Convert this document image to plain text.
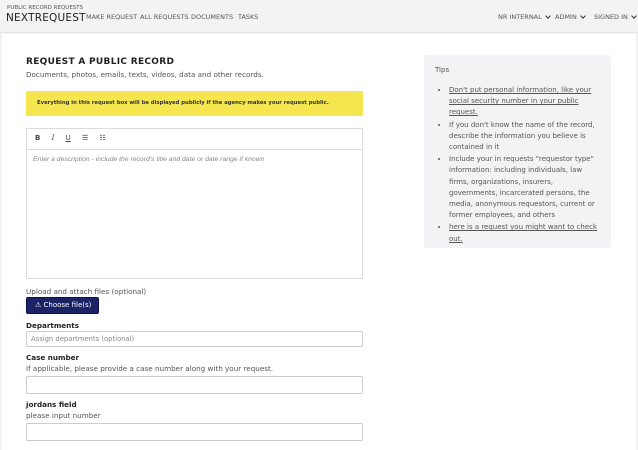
PUBLIC RECORD REQUESTS
NEXTREQUEST MAKE REQUEST ALL REQUESTS DOCUMENTS TASKS	NR INTERNAL	ADMIN	SIGNED IN
REQUEST A PUBLIC RECORD
Documents, photos, emails, texts, videos, data and other records.
Everything in this request box will be displayed publicly if the agency makes your request public.
B I U ☰ ☷
Enter a description - include the record's title and date or date range if known
Upload and attach files (optional)
⚠ Choose file(s)
Departments
Assign departments (optional)
Case number
If applicable, please provide a case number along with your request.
jordans field
please input number
Tips
• Don't put personal information, like your social security number in your public request.
• If you don't know the name of the record, describe the information you believe is contained in it
• Include your in requests "requestor type" information: including individuals, law firms, organizations, insurers, governments, incarcerated persons, the media, anonymous requestors, current or former employees, and others
• here is a request you might want to check out.
